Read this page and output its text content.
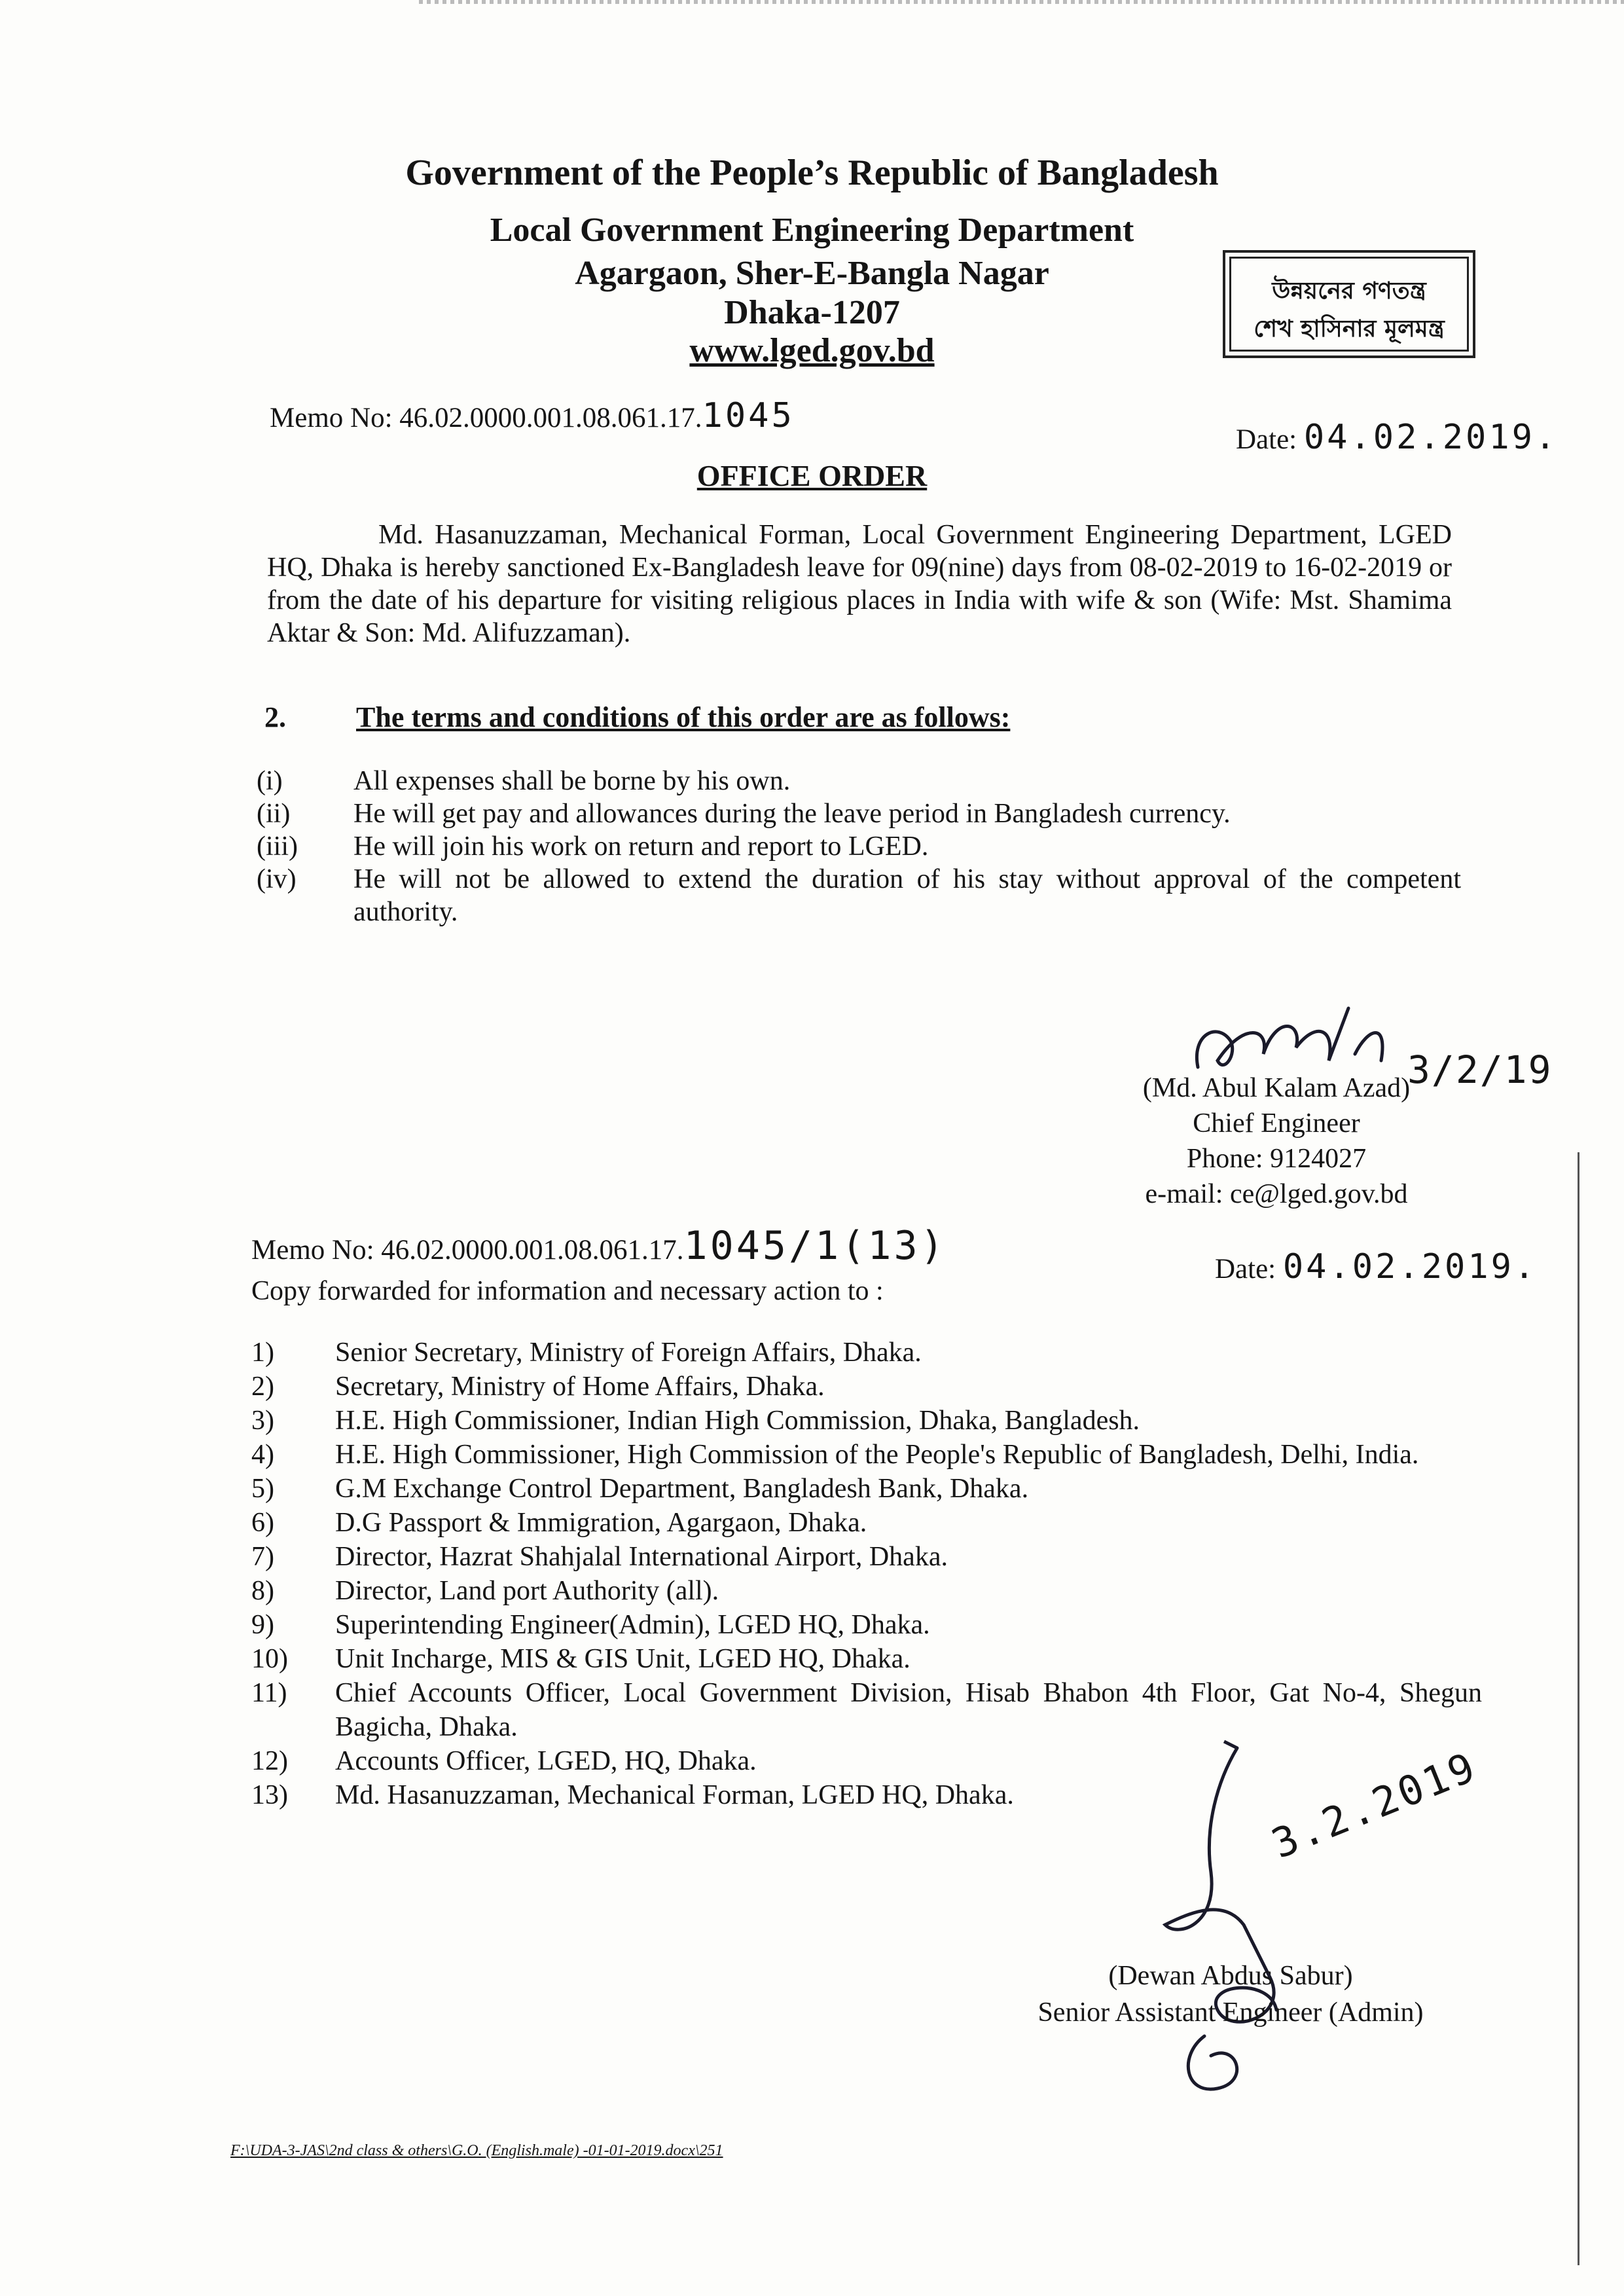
Government of the People’s Republic of Bangladesh
Local Government Engineering Department
Agargaon, Sher-E-Bangla Nagar
Dhaka-1207
www.lged.gov.bd
উন্নয়নের গণতন্ত্র
শেখ হাসিনার মূলমন্ত্র
Memo No: 46.02.0000.001.08.061.17.1045
Date: 04.02.2019.
OFFICE ORDER
Md. Hasanuzzaman, Mechanical Forman, Local Government Engineering Department, LGED HQ, Dhaka is hereby sanctioned Ex-Bangladesh leave for 09(nine) days from 08-02-2019 to 16-02-2019 or from the date of his departure for visiting religious places in India with wife & son (Wife: Mst. Shamima Aktar & Son: Md. Alifuzzaman).
2. The terms and conditions of this order are as follows:
(i)	All expenses shall be borne by his own.
(ii)	He will get pay and allowances during the leave period in Bangladesh currency.
(iii)	He will join his work on return and report to LGED.
(iv)	He will not be allowed to extend the duration of his stay without approval of the competent authority.
3/2/19
(Md. Abul Kalam Azad)
Chief Engineer
Phone: 9124027
e-mail: ce@lged.gov.bd
Memo No: 46.02.0000.001.08.061.17.1045/1(13)
Date: 04.02.2019.
Copy forwarded for information and necessary action to :
1)	Senior Secretary, Ministry of Foreign Affairs, Dhaka.
2)	Secretary, Ministry of Home Affairs, Dhaka.
3)	H.E. High Commissioner, Indian High Commission, Dhaka, Bangladesh.
4)	H.E. High Commissioner, High Commission of the People's Republic of Bangladesh, Delhi, India.
5)	G.M Exchange Control Department, Bangladesh Bank, Dhaka.
6)	D.G Passport & Immigration, Agargaon, Dhaka.
7)	Director, Hazrat Shahjalal International Airport, Dhaka.
8)	Director, Land port Authority (all).
9)	Superintending Engineer(Admin), LGED HQ, Dhaka.
10)	Unit Incharge, MIS & GIS Unit, LGED HQ, Dhaka.
11)	Chief Accounts Officer, Local Government Division, Hisab Bhabon 4th Floor, Gat No-4, Shegun Bagicha, Dhaka.
12)	Accounts Officer, LGED, HQ, Dhaka.
13)	Md. Hasanuzzaman, Mechanical Forman, LGED HQ, Dhaka.	3.2.2019
(Dewan Abdus Sabur)
Senior Assistant Engineer (Admin)
F:\UDA-3-JAS\2nd class & others\G.O. (English.male) -01-01-2019.docx\251
